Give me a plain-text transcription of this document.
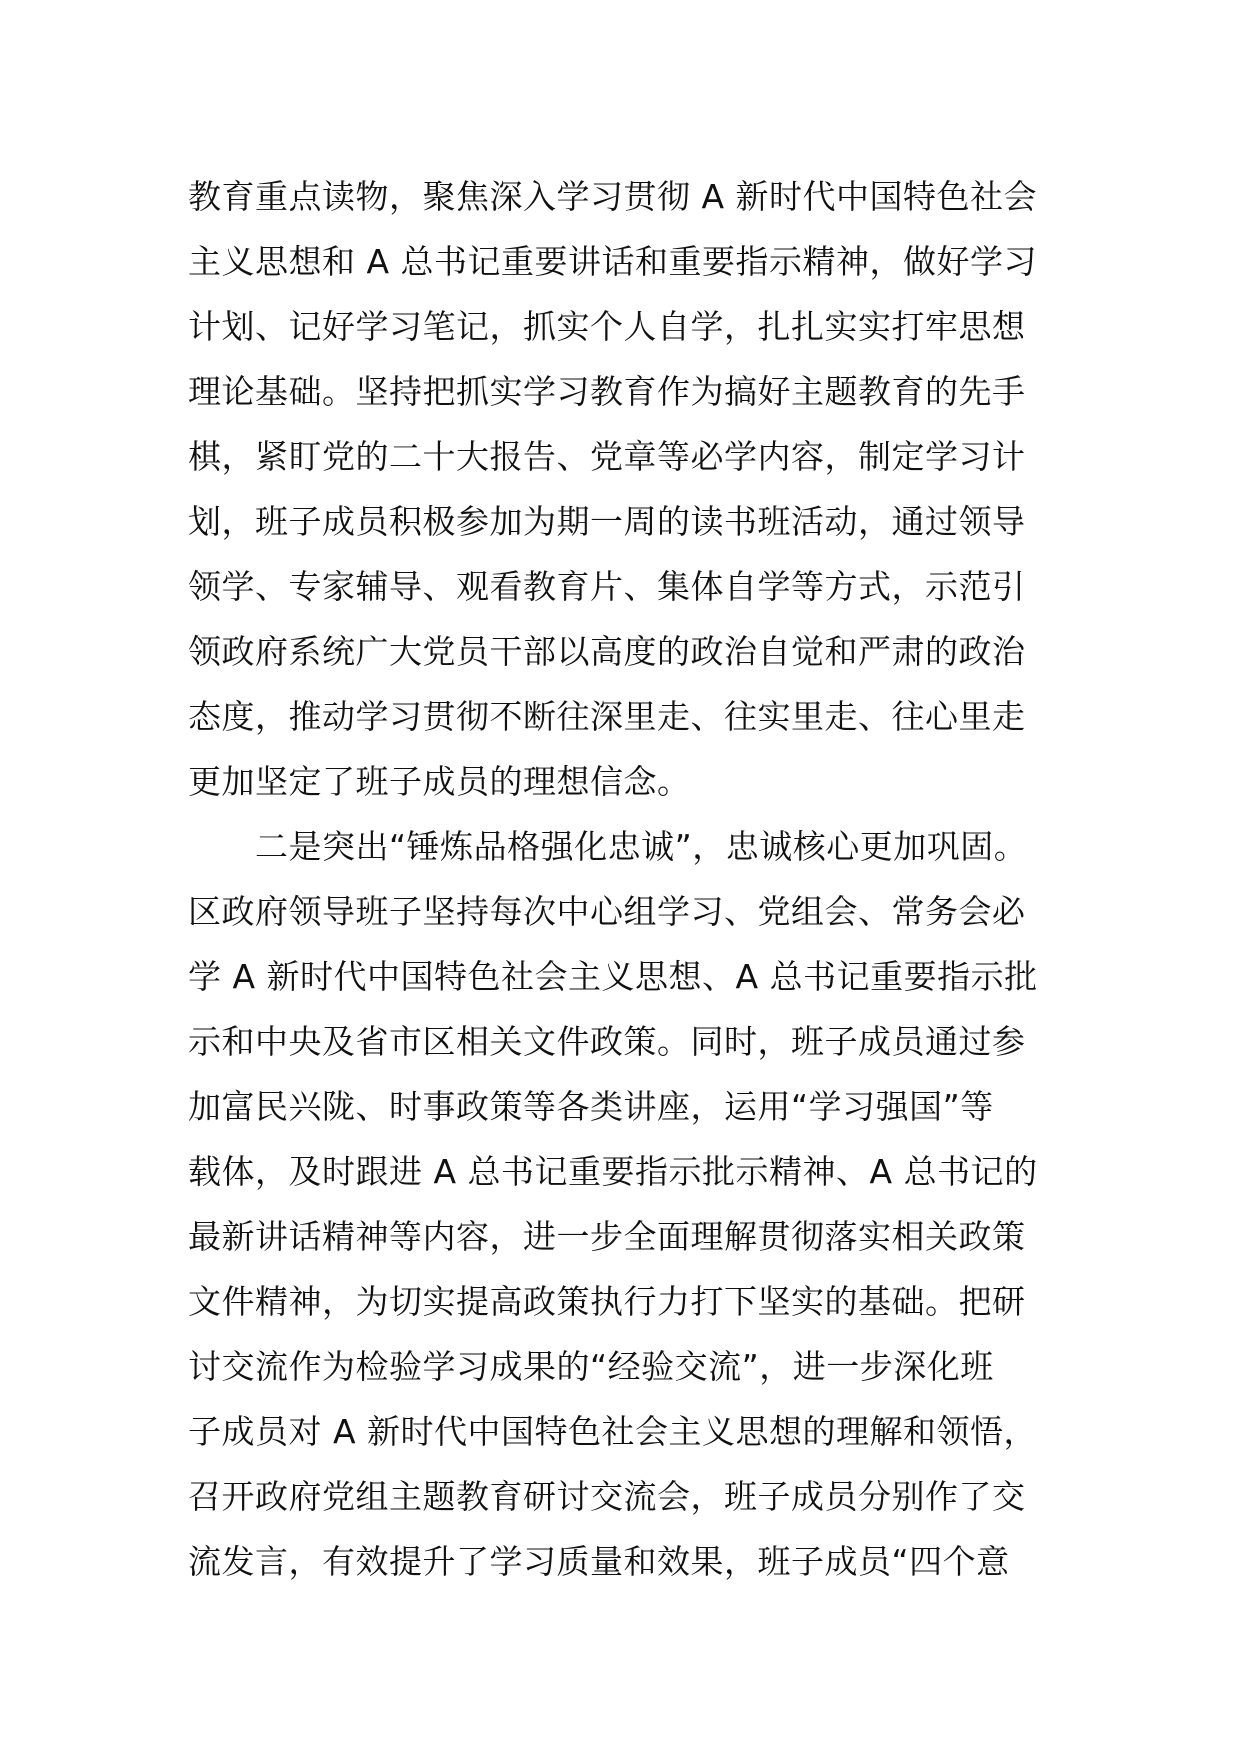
教育重点读物，聚焦深入学习贯彻 A 新时代中国特色社会
主义思想和 A 总书记重要讲话和重要指示精神，做好学习
计划、记好学习笔记，抓实个人自学，扎扎实实打牢思想
理论基础。坚持把抓实学习教育作为搞好主题教育的先手
棋，紧盯党的二十大报告、党章等必学内容，制定学习计
划，班子成员积极参加为期一周的读书班活动，通过领导
领学、专家辅导、观看教育片、集体自学等方式，示范引
领政府系统广大党员干部以高度的政治自觉和严肃的政治
态度，推动学习贯彻不断往深里走、往实里走、往心里走
更加坚定了班子成员的理想信念。
　　二是突出“锤炼品格强化忠诚”，忠诚核心更加巩固。
区政府领导班子坚持每次中心组学习、党组会、常务会必
学 A 新时代中国特色社会主义思想、A 总书记重要指示批
示和中央及省市区相关文件政策。同时，班子成员通过参
加富民兴陇、时事政策等各类讲座，运用“学习强国”等
载体，及时跟进 A 总书记重要指示批示精神、A 总书记的
最新讲话精神等内容，进一步全面理解贯彻落实相关政策
文件精神，为切实提高政策执行力打下坚实的基础。把研
讨交流作为检验学习成果的“经验交流”，进一步深化班
子成员对 A 新时代中国特色社会主义思想的理解和领悟，
召开政府党组主题教育研讨交流会，班子成员分别作了交
流发言，有效提升了学习质量和效果，班子成员“四个意
